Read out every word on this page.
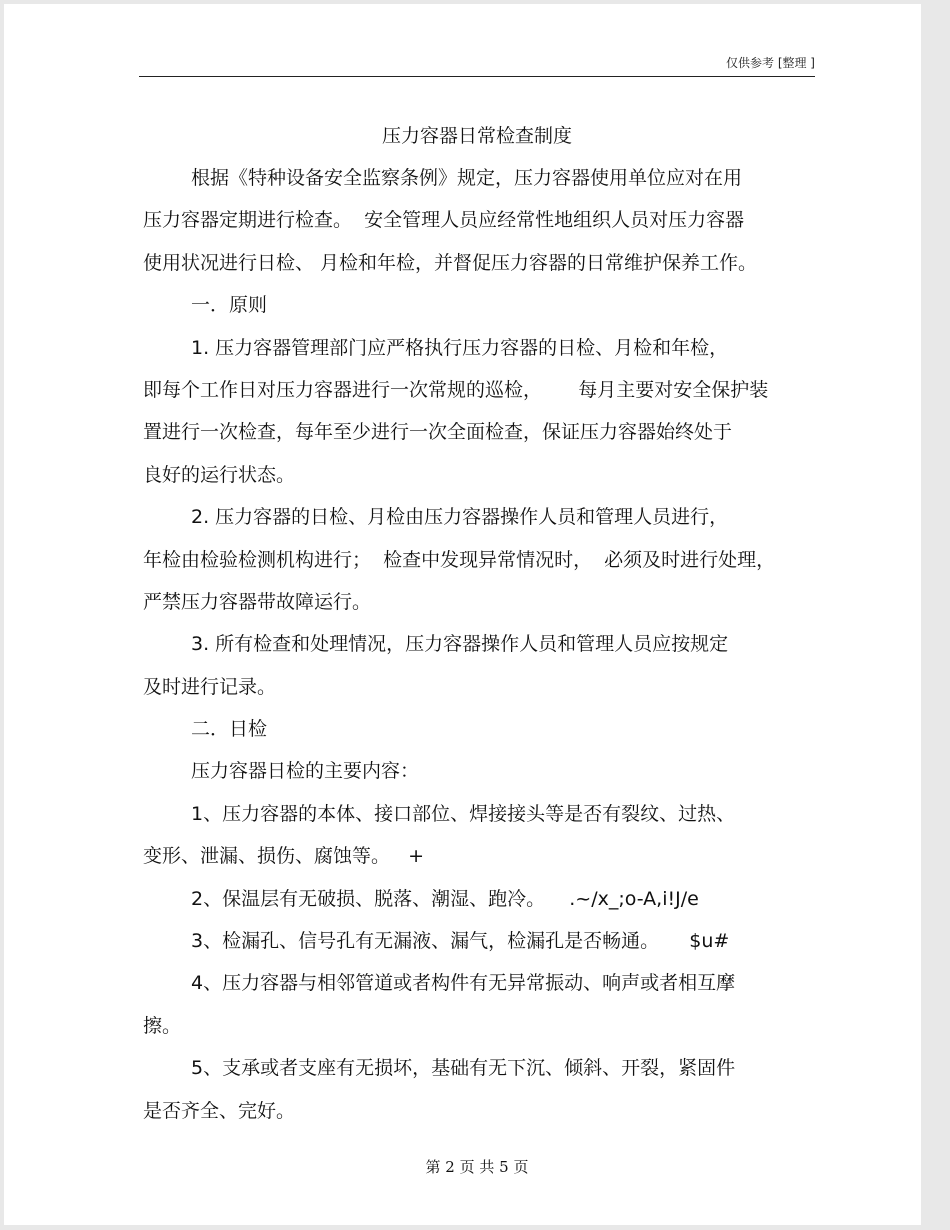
仅供参考 [整理 ]
压力容器日常检查制度
根据《特种设备安全监察条例》规定，压力容器使用单位应对在用
压力容器定期进行检查。  安全管理人员应经常性地组织人员对压力容器
使用状况进行日检、 月检和年检，并督促压力容器的日常维护保养工作。
一．原则
1. 压力容器管理部门应严格执行压力容器的日检、月检和年检，
即每个工作日对压力容器进行一次常规的巡检，      每月主要对安全保护装
置进行一次检查，每年至少进行一次全面检查，保证压力容器始终处于
良好的运行状态。
2. 压力容器的日检、月检由压力容器操作人员和管理人员进行，
年检由检验检测机构进行；  检查中发现异常情况时，  必须及时进行处理，
严禁压力容器带故障运行。
3. 所有检查和处理情况，压力容器操作人员和管理人员应按规定
及时进行记录。
二．日检
压力容器日检的主要内容：
1、压力容器的本体、接口部位、焊接接头等是否有裂纹、过热、
变形、泄漏、损伤、腐蚀等。   +
2、保温层有无破损、脱落、潮湿、跑冷。    .~/x_;o-A,i!J/e
3、检漏孔、信号孔有无漏液、漏气，检漏孔是否畅通。     $u#
4、压力容器与相邻管道或者构件有无异常振动、响声或者相互摩
擦。
5、支承或者支座有无损坏，基础有无下沉、倾斜、开裂，紧固件
是否齐全、完好。
第 2 页 共 5 页
